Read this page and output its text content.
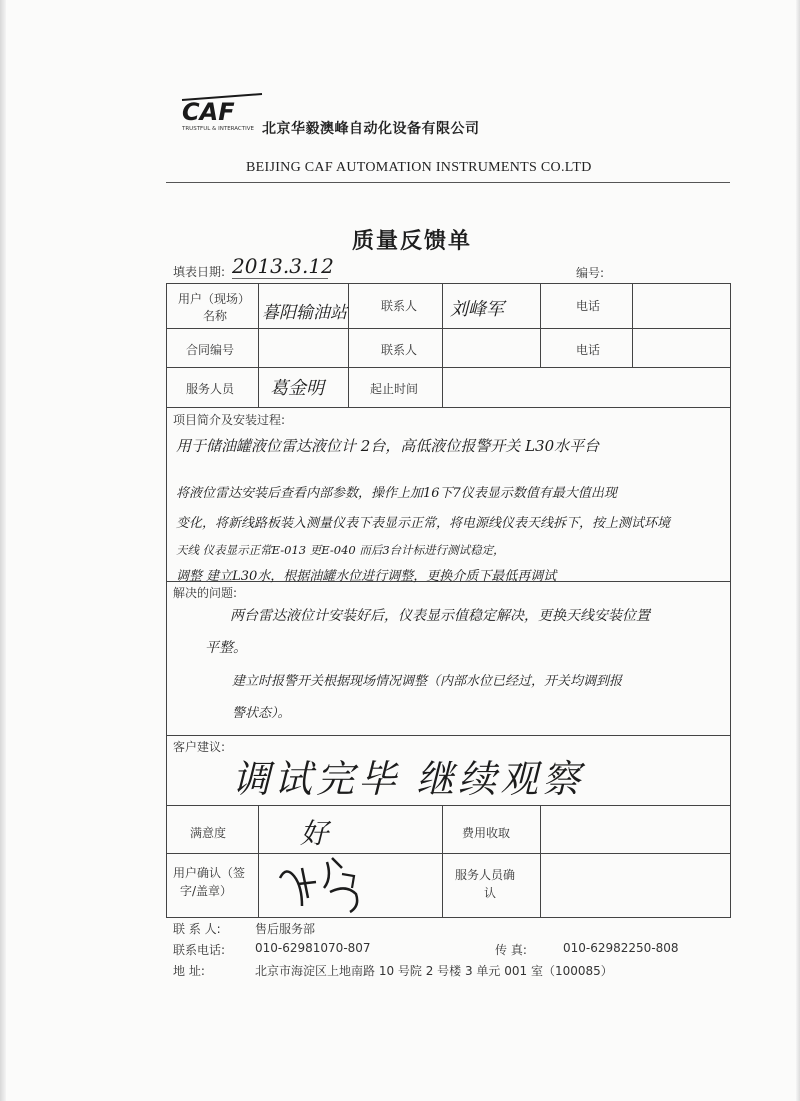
CAF
TRUSTFUL & INTERACTIVE 北京华毅澳峰自动化设备有限公司
BEIJING CAF AUTOMATION INSTRUMENTS CO.LTD
质量反馈单
填表日期: 2013.3.12	编号:
用户（现场）
名称 暮阳输油站	联系人 刘峰军	电话
合同编号	联系人	电话
服务人员 葛金明	起止时间
项目简介及安装过程:
用于储油罐液位雷达液位计 2台，高低液位报警开关 L30水平台
将液位雷达安装后查看内部参数，操作上加16下7仪表显示数值有最大值出现
变化，将新线路板装入测量仪表下表显示正常，将电源线仪表天线拆下，按上测试环境
天线 仪表显示正常E-013 更E-040 而后3台计标进行测试稳定，
调整 建立L30水，根据油罐水位进行调整，更换介质下最低再调试
解决的问题:
两台雷达液位计安装好后，仪表显示值稳定解决，更换天线安装位置
平整。
建立时报警开关根据现场情况调整（内部水位已经过，开关均调到报
警状态）。
客户建议:
调试完毕 继续观察
满意度	好	费用收取
用户确认（签
字/盖章）
服务人员确
认
联 系 人:	售后服务部
联系电话: 010-62981070-807	传 真:	010-62982250-808
地 址:	北京市海淀区上地南路 10 号院 2 号楼 3 单元 001 室（100085）
